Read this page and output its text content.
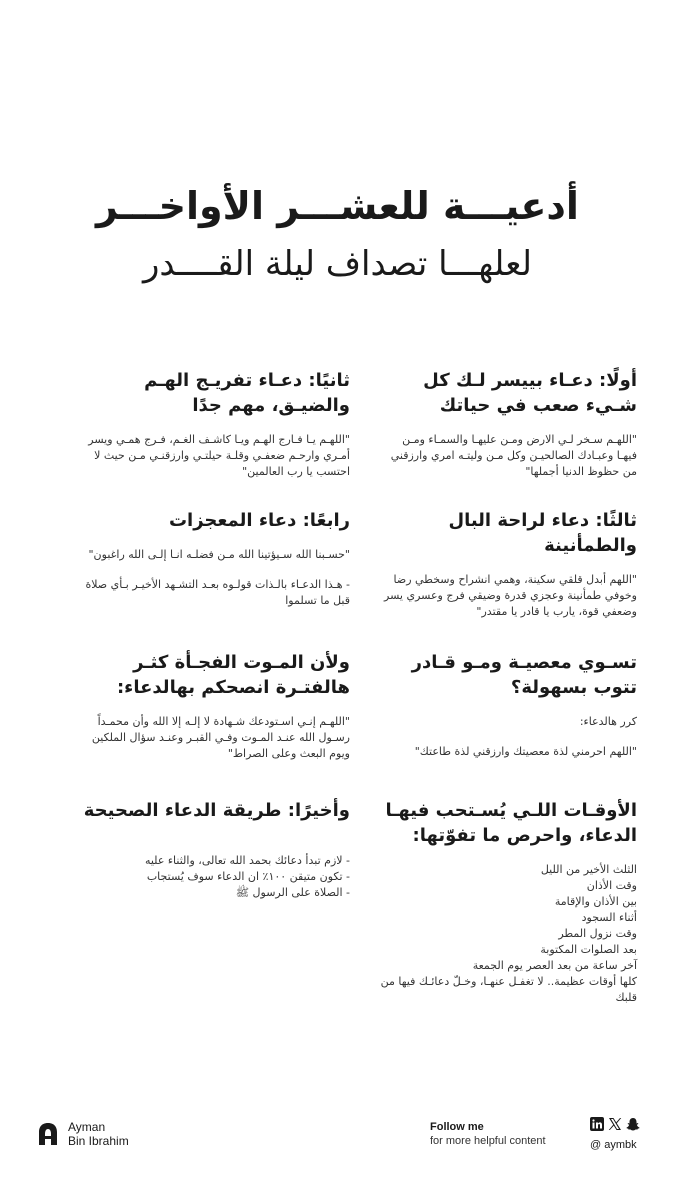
أدعيـــة للعشـــر الأواخـــر
لعلهـــا تصداف ليلة القــــدر
أولًا: دعـاء بييسر لـك كل شـيء صعب في حياتك

"اللهـم سـخر لـي الارض ومـن عليهـا والسمـاء ومـن فيهـا وعبـادك الصالحيـن وكل مـن وليتـه امري وارزقني من حظوظ الدنيا أجملها"

ثالثًا: دعاء لراحة البال والطمأنينة

"اللهم أبدل قلقي سكينة، وهمي انشراح وسخطي رضا وخوفي طمأنينة وعجزي قدرة وضيقي فرج وعسري يسر وضعفي قوة، يارب يا قادر يا مقتدر"

تسـوي معصيـة ومـو قـادر تتوب بسهولة؟

كرر هالدعاء:

"اللهم احرمني لذة معصيتك وارزقني لذة طاعتك"

الأوقـات اللـي يُسـتحب فيهـا الدعاء، واحرص ما تفوّتها:
الثلث الأخير من الليل
وقت الأذان
بين الأذان والإقامة
أثناء السجود
وقت نزول المطر
بعد الصلوات المكتوبة
آخر ساعة من بعد العصر يوم الجمعة
كلها أوقات عظيمة.. لا تغفـل عنهـا، وخـلّ دعائـك فيها من قلبك
ثانيًا: دعـاء تفريـج الهـم والضيـق، مهم جدًا

"اللهـم يـا فـارج الهـم ويـا كاشـف الغـم، فـرج همـي ويسر أمـري وارحـم ضعفـي وقلـة حيلتـي وارزقنـي مـن حيث لا احتسب يا رب العالمين"

رابعًا: دعاء المعجزات

"حسـبنا الله سـيؤتينا الله مـن فضلـه انـا إلـى الله راغبون"

- هـذا الدعـاء بالـذات قولـوه بعـد التشـهد الأخيـر بـأي صلاة قبل ما تسلموا

ولأن المـوت الفجـأة كثـر هالفتـرة انصحكم بهالدعاء:

"اللهـم إنـي اسـتودعك شـهادة لا إلـه إلا الله وأن محمـداً رسـول الله عنـد المـوت وفـي القبـر وعنـد سؤال الملكين ويوم البعث وعلى الصراط"

وأخيرًا: طريقة الدعاء الصحيحة
- لازم تبدأ دعائك بحمد الله تعالى، والثناء عليه
- تكون متيقن ١٠٠٪ ان الدعاء سوف يُستجاب
- الصلاة على الرسول ﷺ
Ayman
Bin Ibrahim
Follow me
for more helpful content	@ aymbk
